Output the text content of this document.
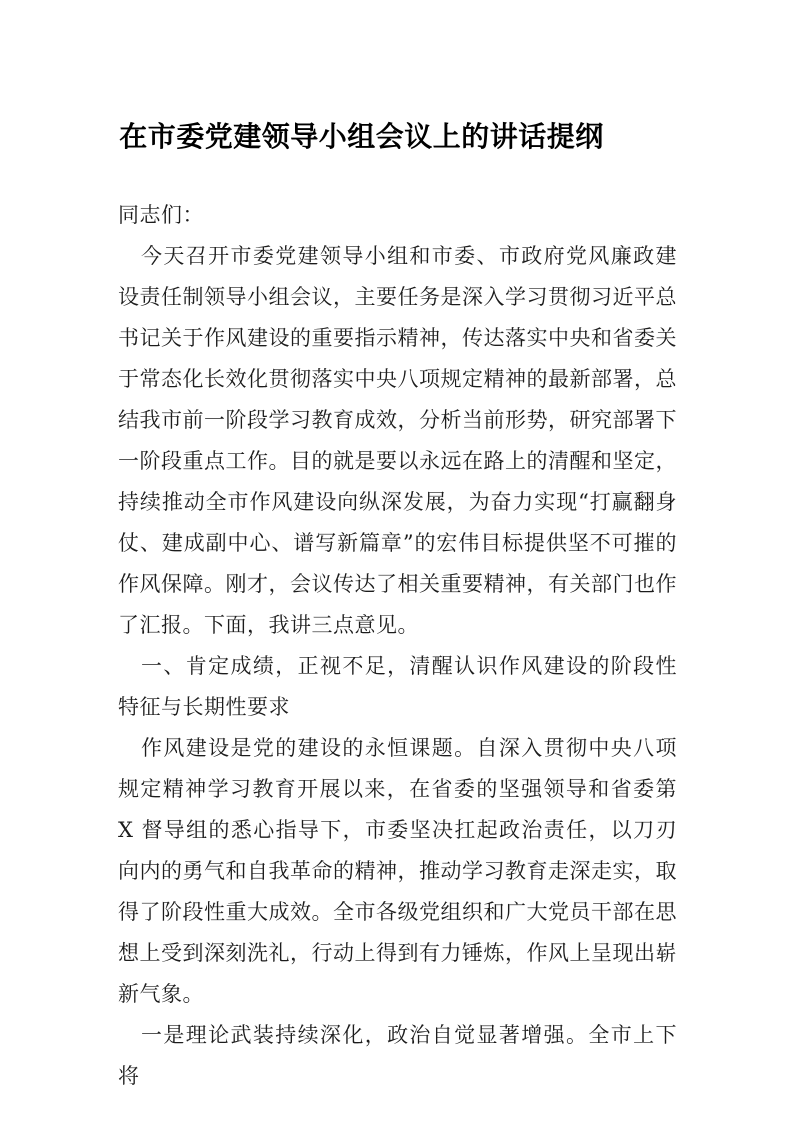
在市委党建领导小组会议上的讲话提纲

同志们：

今天召开市委党建领导小组和市委、市政府党风廉政建设责任制领导小组会议，主要任务是深入学习贯彻习近平总书记关于作风建设的重要指示精神，传达落实中央和省委关于常态化长效化贯彻落实中央八项规定精神的最新部署，总结我市前一阶段学习教育成效，分析当前形势，研究部署下一阶段重点工作。目的就是要以永远在路上的清醒和坚定，持续推动全市作风建设向纵深发展，为奋力实现“打赢翻身仗、建成副中心、谱写新篇章”的宏伟目标提供坚不可摧的作风保障。刚才，会议传达了相关重要精神，有关部门也作了汇报。下面，我讲三点意见。

一、肯定成绩，正视不足，清醒认识作风建设的阶段性特征与长期性要求

作风建设是党的建设的永恒课题。自深入贯彻中央八项规定精神学习教育开展以来，在省委的坚强领导和省委第 X 督导组的悉心指导下，市委坚决扛起政治责任，以刀刃向内的勇气和自我革命的精神，推动学习教育走深走实，取得了阶段性重大成效。全市各级党组织和广大党员干部在思想上受到深刻洗礼，行动上得到有力锤炼，作风上呈现出崭新气象。

一是理论武装持续深化，政治自觉显著增强。全市上下将
